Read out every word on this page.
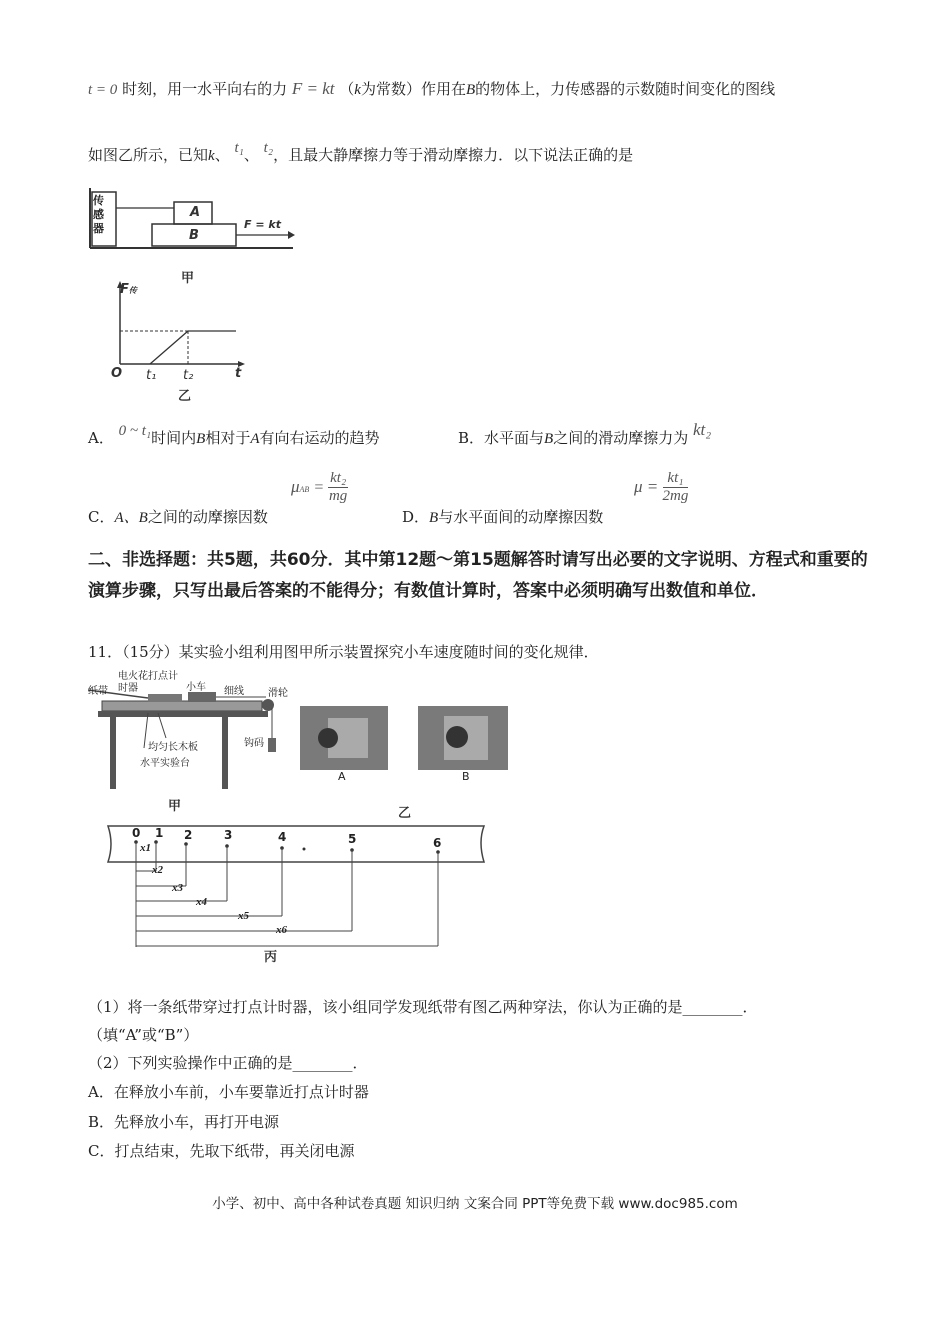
t = 0 时刻，用一水平向右的力 F = kt （k为常数）作用在B的物体上，力传感器的示数随时间变化的图线
如图乙所示，已知k、 t₁、 t₂，且最大静摩擦力等于滑动摩擦力．以下说法正确的是
传感器
A
B
F = kt
甲
F传
O t₁ t₂	t
乙
A． 0 ~ t₁时间内B相对于A有向右运动的趋势	B．水平面与B之间的滑动摩擦力为 kt₂
C．A、B之间的动摩擦因数
$\mu AB = \frac{\text{kt₂}}{mg}$
D．B与水平面间的动摩擦因数
$\mu = \frac{\text{kt₁}}{2mg}$
二、非选择题：共5题，共60分．其中第12题～第15题解答时请写出必要的文字说明、方程式和重要的演算步骤，只写出最后答案的不能得分；有数值计算时，答案中必须明确写出数值和单位．
11．（15分）某实验小组利用图甲所示装置探究小车速度随时间的变化规律．
纸带
电火花打点计时器	小车 细线 滑轮
均匀长木板	钩码
水平实验台
甲
A	B
乙
丙
0 1 2	3	4	5	6
x1
x2
x3
x4
x5
x6
（1）将一条纸带穿过打点计时器，该小组同学发现纸带有图乙两种穿法，你认为正确的是________．
（填“A”或“B”）
（2）下列实验操作中正确的是________．
A．在释放小车前，小车要靠近打点计时器
B．先释放小车，再打开电源
C．打点结束，先取下纸带，再关闭电源
小学、初中、高中各种试卷真题 知识归纳 文案合同 PPT等免费下载 www.doc985.com
